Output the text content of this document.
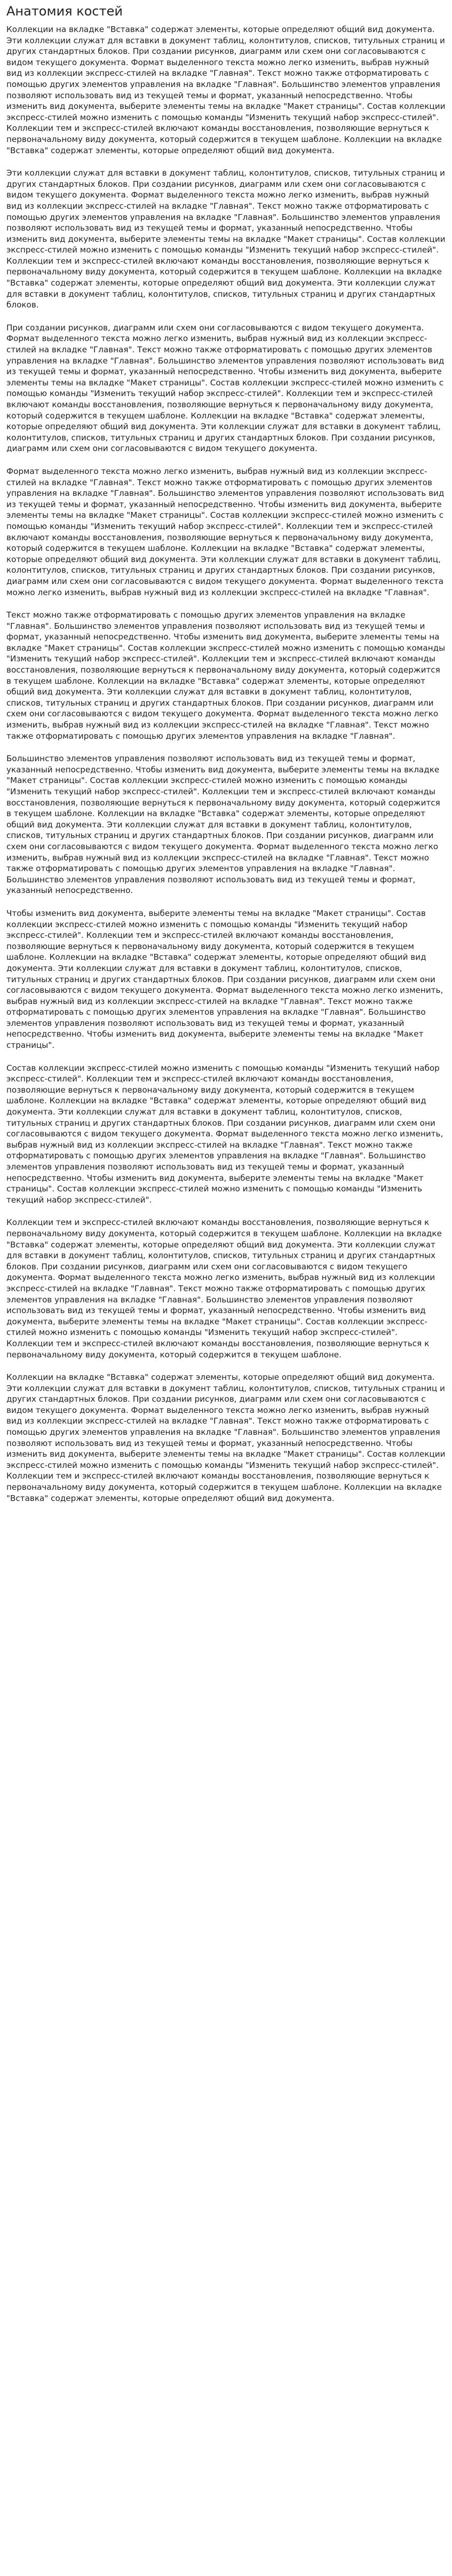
Анатомия костей

Коллекции на вкладке "Вставка" содержат элементы, которые определяют общий вид документа. Эти коллекции служат для вставки в документ таблиц, колонтитулов, списков, титульных страниц и других стандартных блоков. При создании рисунков, диаграмм или схем они согласовываются с видом текущего документа. Формат выделенного текста можно легко изменить, выбрав нужный вид из коллекции экспресс-стилей на вкладке "Главная". Текст можно также отформатировать с помощью других элементов управления на вкладке "Главная". Большинство элементов управления позволяют использовать вид из текущей темы и формат, указанный непосредственно. Чтобы изменить вид документа, выберите элементы темы на вкладке "Макет страницы". Состав коллекции экспресс-стилей можно изменить с помощью команды "Изменить текущий набор экспресс-стилей". Коллекции тем и экспресс-стилей включают команды восстановления, позволяющие вернуться к первоначальному виду документа, который содержится в текущем шаблоне. Коллекции на вкладке "Вставка" содержат элементы, которые определяют общий вид документа.

Эти коллекции служат для вставки в документ таблиц, колонтитулов, списков, титульных страниц и других стандартных блоков. При создании рисунков, диаграмм или схем они согласовываются с видом текущего документа. Формат выделенного текста можно легко изменить, выбрав нужный вид из коллекции экспресс-стилей на вкладке "Главная". Текст можно также отформатировать с помощью других элементов управления на вкладке "Главная". Большинство элементов управления позволяют использовать вид из текущей темы и формат, указанный непосредственно. Чтобы изменить вид документа, выберите элементы темы на вкладке "Макет страницы". Состав коллекции экспресс-стилей можно изменить с помощью команды "Изменить текущий набор экспресс-стилей". Коллекции тем и экспресс-стилей включают команды восстановления, позволяющие вернуться к первоначальному виду документа, который содержится в текущем шаблоне. Коллекции на вкладке "Вставка" содержат элементы, которые определяют общий вид документа. Эти коллекции служат для вставки в документ таблиц, колонтитулов, списков, титульных страниц и других стандартных блоков.

При создании рисунков, диаграмм или схем они согласовываются с видом текущего документа. Формат выделенного текста можно легко изменить, выбрав нужный вид из коллекции экспресс-стилей на вкладке "Главная". Текст можно также отформатировать с помощью других элементов управления на вкладке "Главная". Большинство элементов управления позволяют использовать вид из текущей темы и формат, указанный непосредственно. Чтобы изменить вид документа, выберите элементы темы на вкладке "Макет страницы". Состав коллекции экспресс-стилей можно изменить с помощью команды "Изменить текущий набор экспресс-стилей". Коллекции тем и экспресс-стилей включают команды восстановления, позволяющие вернуться к первоначальному виду документа, который содержится в текущем шаблоне. Коллекции на вкладке "Вставка" содержат элементы, которые определяют общий вид документа. Эти коллекции служат для вставки в документ таблиц, колонтитулов, списков, титульных страниц и других стандартных блоков. При создании рисунков, диаграмм или схем они согласовываются с видом текущего документа.

Формат выделенного текста можно легко изменить, выбрав нужный вид из коллекции экспресс-стилей на вкладке "Главная". Текст можно также отформатировать с помощью других элементов управления на вкладке "Главная". Большинство элементов управления позволяют использовать вид из текущей темы и формат, указанный непосредственно. Чтобы изменить вид документа, выберите элементы темы на вкладке "Макет страницы". Состав коллекции экспресс-стилей можно изменить с помощью команды "Изменить текущий набор экспресс-стилей". Коллекции тем и экспресс-стилей включают команды восстановления, позволяющие вернуться к первоначальному виду документа, который содержится в текущем шаблоне. Коллекции на вкладке "Вставка" содержат элементы, которые определяют общий вид документа. Эти коллекции служат для вставки в документ таблиц, колонтитулов, списков, титульных страниц и других стандартных блоков. При создании рисунков, диаграмм или схем они согласовываются с видом текущего документа. Формат выделенного текста можно легко изменить, выбрав нужный вид из коллекции экспресс-стилей на вкладке "Главная".

Текст можно также отформатировать с помощью других элементов управления на вкладке "Главная". Большинство элементов управления позволяют использовать вид из текущей темы и формат, указанный непосредственно. Чтобы изменить вид документа, выберите элементы темы на вкладке "Макет страницы". Состав коллекции экспресс-стилей можно изменить с помощью команды "Изменить текущий набор экспресс-стилей". Коллекции тем и экспресс-стилей включают команды восстановления, позволяющие вернуться к первоначальному виду документа, который содержится в текущем шаблоне. Коллекции на вкладке "Вставка" содержат элементы, которые определяют общий вид документа. Эти коллекции служат для вставки в документ таблиц, колонтитулов, списков, титульных страниц и других стандартных блоков. При создании рисунков, диаграмм или схем они согласовываются с видом текущего документа. Формат выделенного текста можно легко изменить, выбрав нужный вид из коллекции экспресс-стилей на вкладке "Главная". Текст можно также отформатировать с помощью других элементов управления на вкладке "Главная".

Большинство элементов управления позволяют использовать вид из текущей темы и формат, указанный непосредственно. Чтобы изменить вид документа, выберите элементы темы на вкладке "Макет страницы". Состав коллекции экспресс-стилей можно изменить с помощью команды "Изменить текущий набор экспресс-стилей". Коллекции тем и экспресс-стилей включают команды восстановления, позволяющие вернуться к первоначальному виду документа, который содержится в текущем шаблоне. Коллекции на вкладке "Вставка" содержат элементы, которые определяют общий вид документа. Эти коллекции служат для вставки в документ таблиц, колонтитулов, списков, титульных страниц и других стандартных блоков. При создании рисунков, диаграмм или схем они согласовываются с видом текущего документа. Формат выделенного текста можно легко изменить, выбрав нужный вид из коллекции экспресс-стилей на вкладке "Главная". Текст можно также отформатировать с помощью других элементов управления на вкладке "Главная". Большинство элементов управления позволяют использовать вид из текущей темы и формат, указанный непосредственно.

Чтобы изменить вид документа, выберите элементы темы на вкладке "Макет страницы". Состав коллекции экспресс-стилей можно изменить с помощью команды "Изменить текущий набор экспресс-стилей". Коллекции тем и экспресс-стилей включают команды восстановления, позволяющие вернуться к первоначальному виду документа, который содержится в текущем шаблоне. Коллекции на вкладке "Вставка" содержат элементы, которые определяют общий вид документа. Эти коллекции служат для вставки в документ таблиц, колонтитулов, списков, титульных страниц и других стандартных блоков. При создании рисунков, диаграмм или схем они согласовываются с видом текущего документа. Формат выделенного текста можно легко изменить, выбрав нужный вид из коллекции экспресс-стилей на вкладке "Главная". Текст можно также отформатировать с помощью других элементов управления на вкладке "Главная". Большинство элементов управления позволяют использовать вид из текущей темы и формат, указанный непосредственно. Чтобы изменить вид документа, выберите элементы темы на вкладке "Макет страницы".

Состав коллекции экспресс-стилей можно изменить с помощью команды "Изменить текущий набор экспресс-стилей". Коллекции тем и экспресс-стилей включают команды восстановления, позволяющие вернуться к первоначальному виду документа, который содержится в текущем шаблоне. Коллекции на вкладке "Вставка" содержат элементы, которые определяют общий вид документа. Эти коллекции служат для вставки в документ таблиц, колонтитулов, списков, титульных страниц и других стандартных блоков. При создании рисунков, диаграмм или схем они согласовываются с видом текущего документа. Формат выделенного текста можно легко изменить, выбрав нужный вид из коллекции экспресс-стилей на вкладке "Главная". Текст можно также отформатировать с помощью других элементов управления на вкладке "Главная". Большинство элементов управления позволяют использовать вид из текущей темы и формат, указанный непосредственно. Чтобы изменить вид документа, выберите элементы темы на вкладке "Макет страницы". Состав коллекции экспресс-стилей можно изменить с помощью команды "Изменить текущий набор экспресс-стилей".

Коллекции тем и экспресс-стилей включают команды восстановления, позволяющие вернуться к первоначальному виду документа, который содержится в текущем шаблоне. Коллекции на вкладке "Вставка" содержат элементы, которые определяют общий вид документа. Эти коллекции служат для вставки в документ таблиц, колонтитулов, списков, титульных страниц и других стандартных блоков. При создании рисунков, диаграмм или схем они согласовываются с видом текущего документа. Формат выделенного текста можно легко изменить, выбрав нужный вид из коллекции экспресс-стилей на вкладке "Главная". Текст можно также отформатировать с помощью других элементов управления на вкладке "Главная". Большинство элементов управления позволяют использовать вид из текущей темы и формат, указанный непосредственно. Чтобы изменить вид документа, выберите элементы темы на вкладке "Макет страницы". Состав коллекции экспресс-стилей можно изменить с помощью команды "Изменить текущий набор экспресс-стилей". Коллекции тем и экспресс-стилей включают команды восстановления, позволяющие вернуться к первоначальному виду документа, который содержится в текущем шаблоне.

Коллекции на вкладке "Вставка" содержат элементы, которые определяют общий вид документа. Эти коллекции служат для вставки в документ таблиц, колонтитулов, списков, титульных страниц и других стандартных блоков. При создании рисунков, диаграмм или схем они согласовываются с видом текущего документа. Формат выделенного текста можно легко изменить, выбрав нужный вид из коллекции экспресс-стилей на вкладке "Главная". Текст можно также отформатировать с помощью других элементов управления на вкладке "Главная". Большинство элементов управления позволяют использовать вид из текущей темы и формат, указанный непосредственно. Чтобы изменить вид документа, выберите элементы темы на вкладке "Макет страницы". Состав коллекции экспресс-стилей можно изменить с помощью команды "Изменить текущий набор экспресс-стилей". Коллекции тем и экспресс-стилей включают команды восстановления, позволяющие вернуться к первоначальному виду документа, который содержится в текущем шаблоне. Коллекции на вкладке "Вставка" содержат элементы, которые определяют общий вид документа.
